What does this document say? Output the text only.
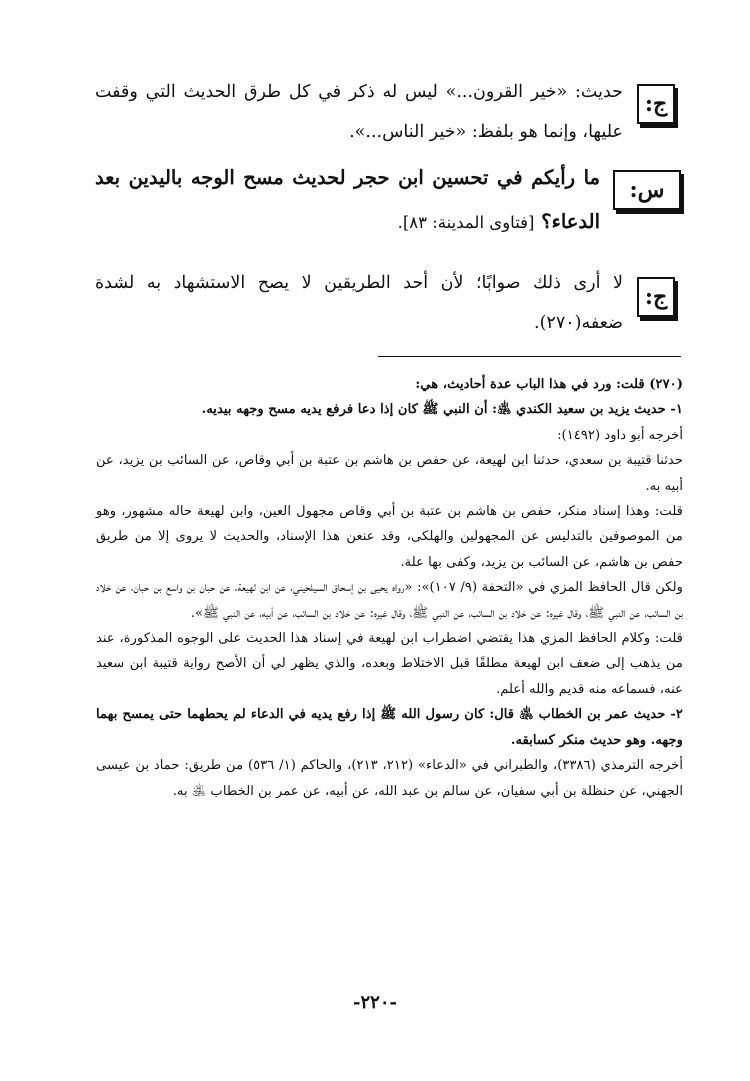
ج:
حديث: «خير القرون...» ليس له ذكر في كل طرق الحديث التي وقفت عليها، وإنما هو بلفظ: «خير الناس...».
س:
ما رأيكم في تحسين ابن حجر لحديث مسح الوجه باليدين بعد الدعاء؟ [فتاوى المدينة: ٨٣].
ج:
لا أرى ذلك صوابًا؛ لأن أحد الطريقين لا يصح الاستشهاد به لشدة ضعفه(٢٧٠).

(٢٧٠) قلت: ورد في هذا الباب عدة أحاديث، هي:

١- حديث يزيد بن سعيد الكندي ﵁: أن النبي ﷺ كان إذا دعا فرفع يديه مسح وجهه بيديه.

أخرجه أبو داود (١٤٩٢):

حدثنا قتيبة بن سعدي، حدثنا ابن لهيعة، عن حفص بن هاشم بن عتبة بن أبي وقاص، عن السائب بن يزيد، عن أبيه به.

قلت: وهذا إسناد منكر، حفص بن هاشم بن عتبة بن أبي وقاص مجهول العين، وابن لهيعة حاله مشهور، وهو من الموصوفين بالتدليس عن المجهولين والهلكى، وقد عنعن هذا الإسناد، والحديث لا يروى إلا من طريق حفص بن هاشم، عن السائب بن يزيد، وكفى بها علة.

ولكن قال الحافظ المزي في «التحفة (٩/ ١٠٧)»: «رواه يحيى بن إسحاق السيلحيني، عن ابن لهيعة، عن حبان بن واسع بن حبان، عن خلاد بن السائب، عن النبي ﷺ، وقال غيره: عن خلاد بن السائب، عن النبي ﷺ، وقال غيره: عن خلاد بن السائب، عن أبيه، عن النبي ﷺ».

قلت: وكلام الحافظ المزي هذا يقتضي اضطراب ابن لهيعة في إسناد هذا الحديث على الوجوه المذكورة، عند من يذهب إلى ضعف ابن لهيعة مطلقًا قبل الاختلاط وبعده، والذي يظهر لي أن الأصح رواية قتيبة ابن سعيد عنه، فسماعه منه قديم والله أعلم.

٢- حديث عمر بن الخطاب ﵁ قال: كان رسول الله ﷺ إذا رفع يديه في الدعاء لم يحطهما حتى يمسح بهما وجهه. وهو حديث منكر كسابقه.

أخرجه الترمذي (٣٣٨٦)، والطبراني في «الدعاء» (٢١٢، ٢١٣)، والحاكم (١/ ٥٣٦) من طريق: حماد بن عيسى الجهني، عن حنظلة بن أبي سفيان، عن سالم بن عبد الله، عن أبيه، عن عمر بن الخطاب ﵁ به.

-٢٢٠-
